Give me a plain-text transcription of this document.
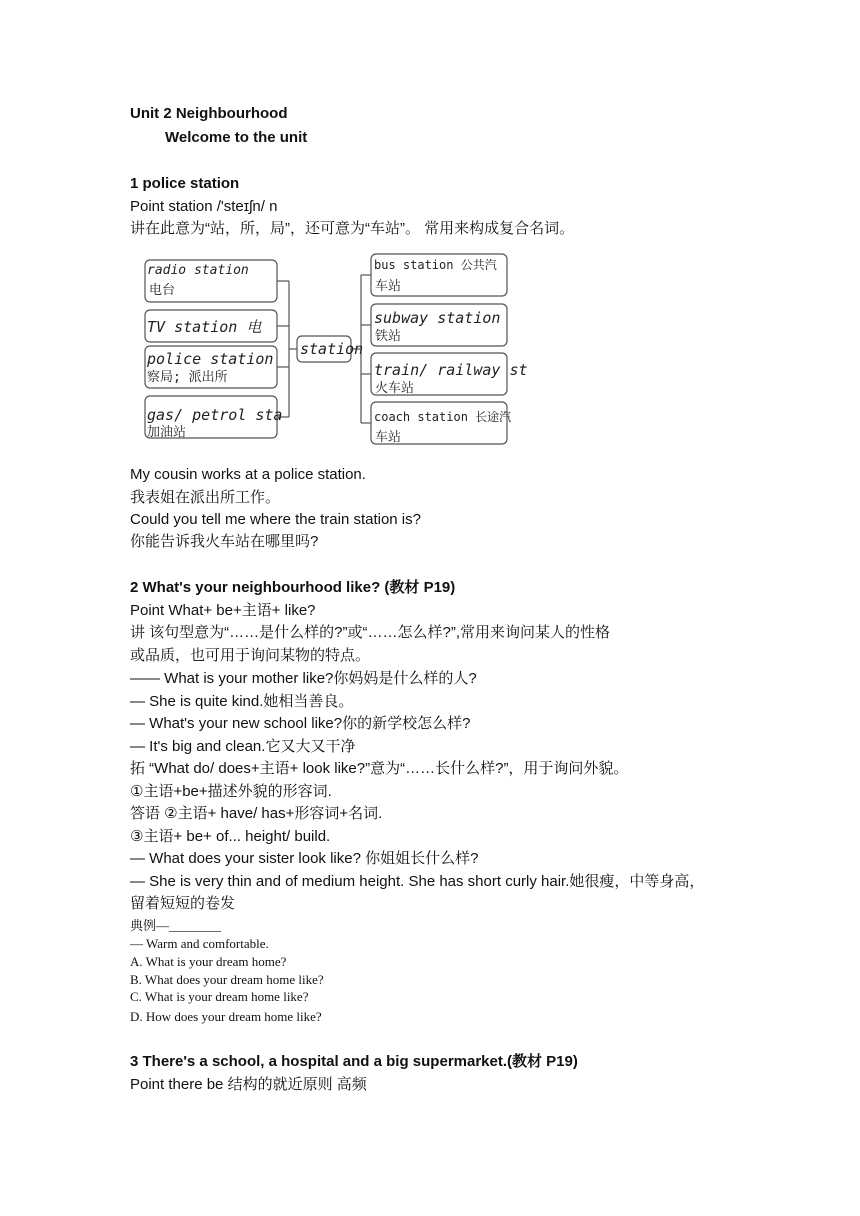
Unit 2 Neighbourhood
Welcome to the unit
1 police station
Point station /'steɪʃn/ n
讲在此意为“站，所，局”，还可意为“车站”。 常用来构成复合名词。
My cousin works at a police station.
我表姐在派出所工作。
Could you tell me where the train station is?
你能告诉我火车站在哪里吗?
2 What's your neighbourhood like? (教材 P19)
Point What+ be+主语+ like?
讲 该句型意为“……是什么样的?”或“……怎么样?”,常用来询问某人的性格
或品质，也可用于询问某物的特点。
—— What is your mother like?你妈妈是什么样的人?
— She is quite kind.她相当善良。
— What's your new school like?你的新学校怎么样?
— It's big and clean.它又大又干净
拓 “What do/ does+主语+ look like?”意为“……长什么样?”，用于询问外貌。
①主语+be+描述外貌的形容词.
答语 ②主语+ have/ has+形容词+名词.
③主语+ be+ of... height/ build.
— What does your sister look like? 你姐姐长什么样?
— She is very thin and of medium height. She has short curly hair.她很瘦，中等身高，
留着短短的卷发
典例—________
— Warm and comfortable.
A. What is your dream home?
B. What does your dream home like?
C. What is your dream home like?
D. How does your dream home like?
3 There's a school, a hospital and a big supermarket.(教材 P19)
Point there be 结构的就近原则 高频
radio station
电台
TV station 电
police station
察局; 派出所
gas/ petrol sta
加油站
station
bus station 公共汽
车站
subway station
铁站
train/ railway st
火车站
coach station 长途汽
车站
